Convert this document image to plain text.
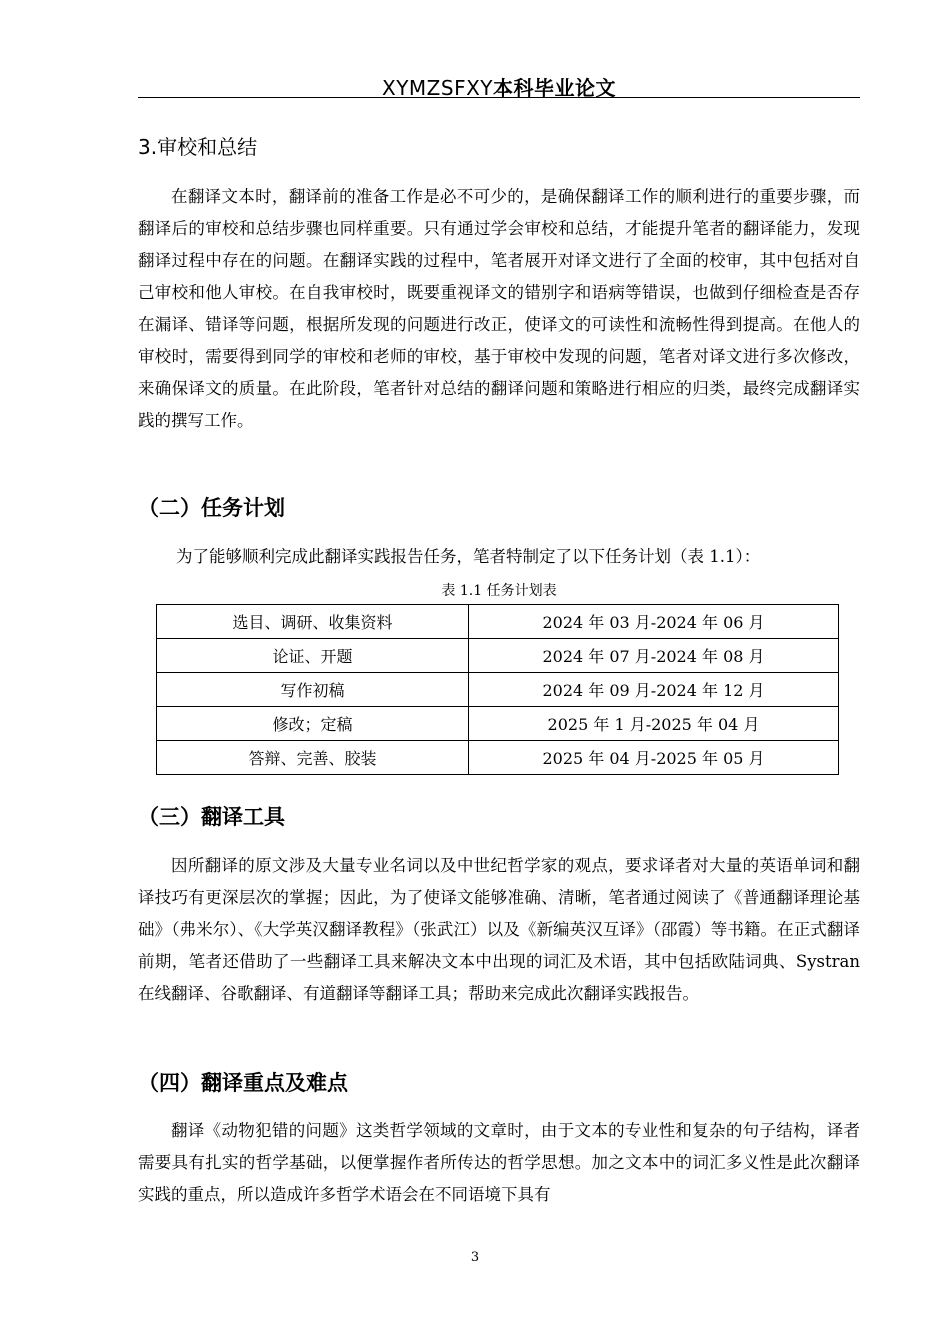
XYMZSFXY本科毕业论文
3.审校和总结

在翻译文本时，翻译前的准备工作是必不可少的，是确保翻译工作的顺利进行的重要步骤，而翻译后的审校和总结步骤也同样重要。只有通过学会审校和总结，才能提升笔者的翻译能力，发现翻译过程中存在的问题。在翻译实践的过程中，笔者展开对译文进行了全面的校审，其中包括对自己审校和他人审校。在自我审校时，既要重视译文的错别字和语病等错误，也做到仔细检查是否存在漏译、错译等问题，根据所发现的问题进行改正，使译文的可读性和流畅性得到提高。在他人的审校时，需要得到同学的审校和老师的审校，基于审校中发现的问题，笔者对译文进行多次修改，来确保译文的质量。在此阶段，笔者针对总结的翻译问题和策略进行相应的归类，最终完成翻译实践的撰写工作。

（二）任务计划
为了能够顺利完成此翻译实践报告任务，笔者特制定了以下任务计划（表 1.1）：
表 1.1 任务计划表
选目、调研、收集资料	2024 年 03 月-2024 年 06 月
论证、开题	2024 年 07 月-2024 年 08 月
写作初稿	2024 年 09 月-2024 年 12 月
修改；定稿	2025 年 1 月-2025 年 04 月
答辩、完善、胶装	2025 年 04 月-2025 年 05 月
（三）翻译工具

因所翻译的原文涉及大量专业名词以及中世纪哲学家的观点，要求译者对大量的英语单词和翻译技巧有更深层次的掌握；因此，为了使译文能够准确、清晰，笔者通过阅读了《普通翻译理论基础》（弗米尔）、《大学英汉翻译教程》（张武江）以及《新编英汉互译》（邵霞）等书籍。在正式翻译前期，笔者还借助了一些翻译工具来解决文本中出现的词汇及术语，其中包括欧陆词典、Systran 在线翻译、谷歌翻译、有道翻译等翻译工具；帮助来完成此次翻译实践报告。

（四）翻译重点及难点

翻译《动物犯错的问题》这类哲学领域的文章时，由于文本的专业性和复杂的句子结构，译者需要具有扎实的哲学基础，以便掌握作者所传达的哲学思想。加之文本中的词汇多义性是此次翻译实践的重点，所以造成许多哲学术语会在不同语境下具有

3
